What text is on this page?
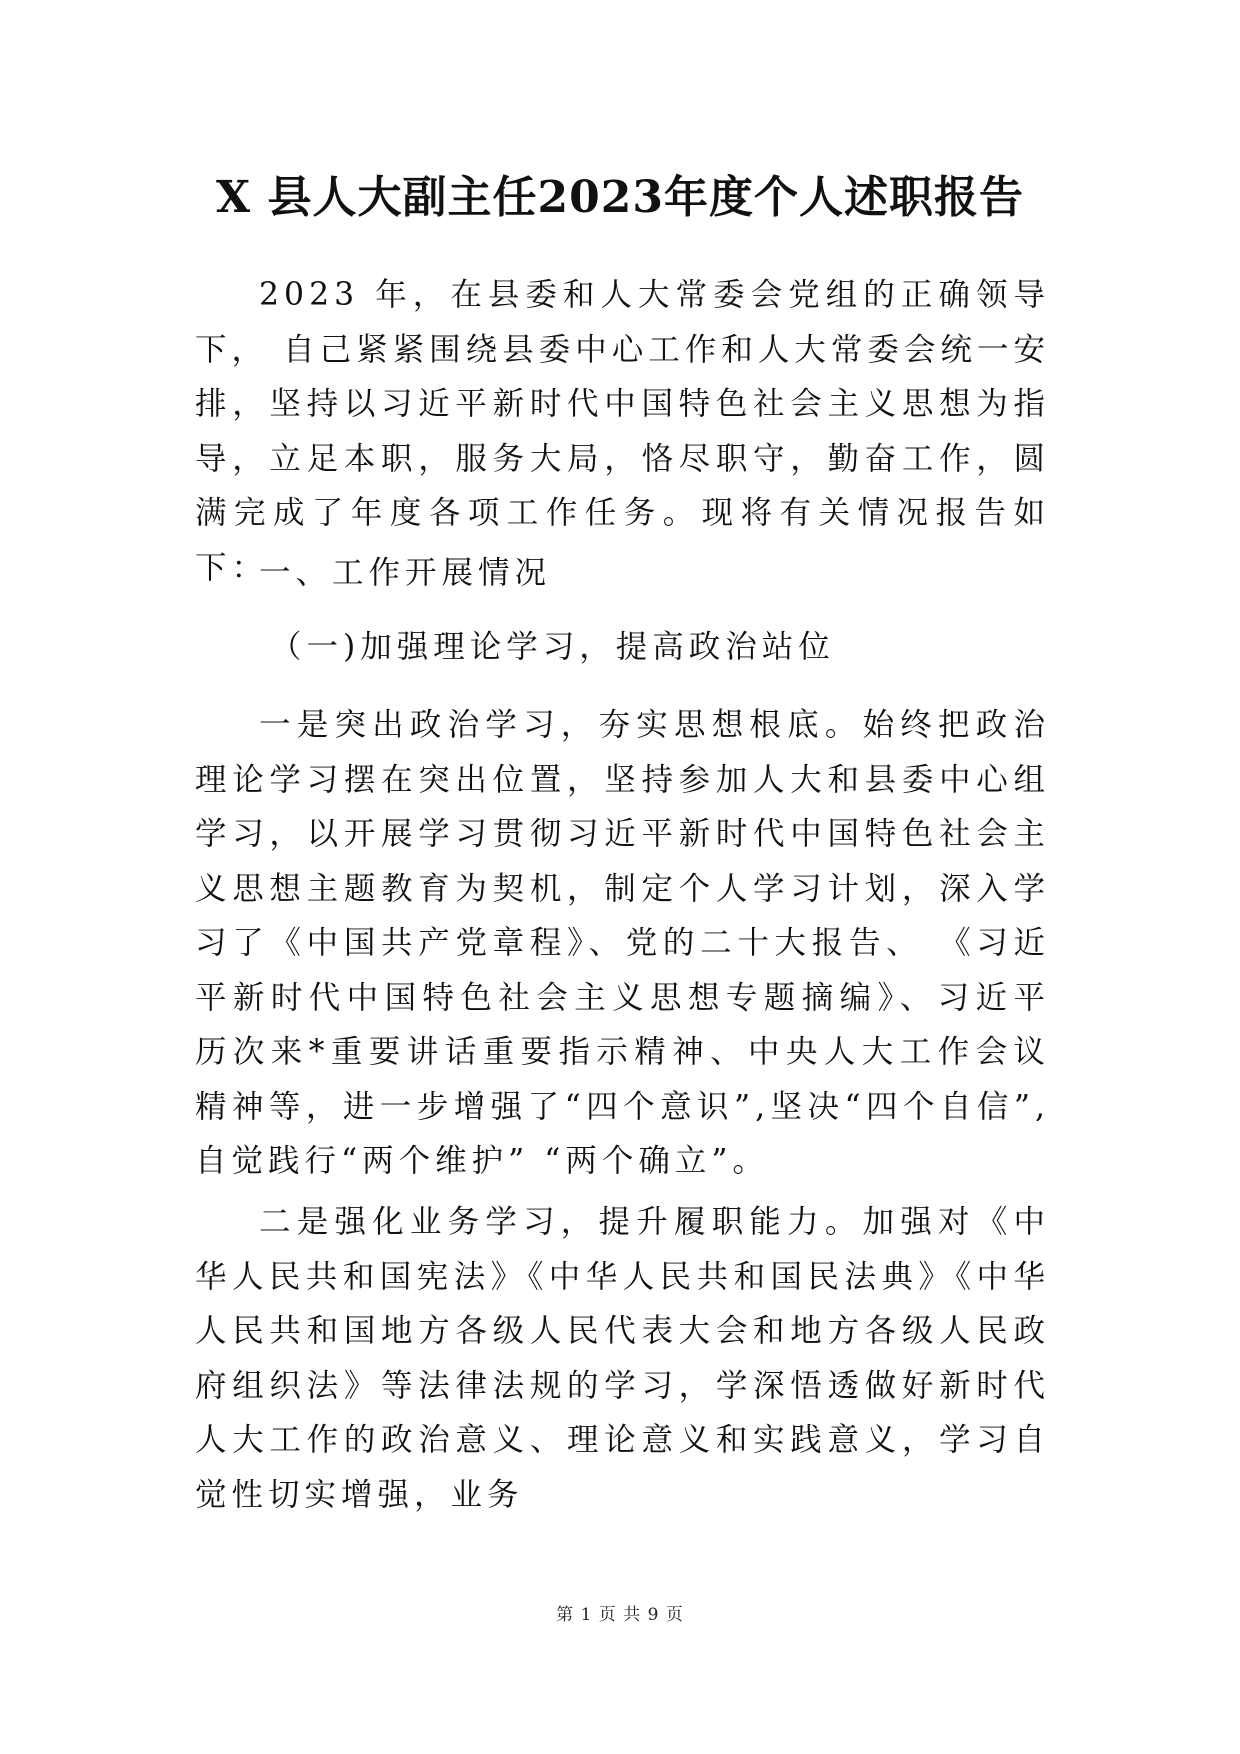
X 县人大副主任2023年度个人述职报告

2023 年，在县委和人大常委会党组的正确领导下， 自己紧紧围绕县委中心工作和人大常委会统一安排，坚持以习近平新时代中国特色社会主义思想为指导，立足本职，服务大局，恪尽职守，勤奋工作，圆满完成了年度各项工作任务。现将有关情况报告如下：

一、工作开展情况

（一)加强理论学习，提高政治站位

一是突出政治学习，夯实思想根底。始终把政治理论学习摆在突出位置，坚持参加人大和县委中心组学习，以开展学习贯彻习近平新时代中国特色社会主义思想主题教育为契机，制定个人学习计划，深入学习了《中国共产党章程》、党的二十大报告、 《习近平新时代中国特色社会主义思想专题摘编》、习近平历次来*重要讲话重要指示精神、中央人大工作会议精神等，进一步增强了“四个意识”,坚决“四个自信”,自觉践行“两个维护” “两个确立”。

二是强化业务学习，提升履职能力。加强对《中华人民共和国宪法》《中华人民共和国民法典》《中华人民共和国地方各级人民代表大会和地方各级人民政府组织法》等法律法规的学习，学深悟透做好新时代人大工作的政治意义、理论意义和实践意义，学习自觉性切实增强，业务

第 1 页 共 9 页
